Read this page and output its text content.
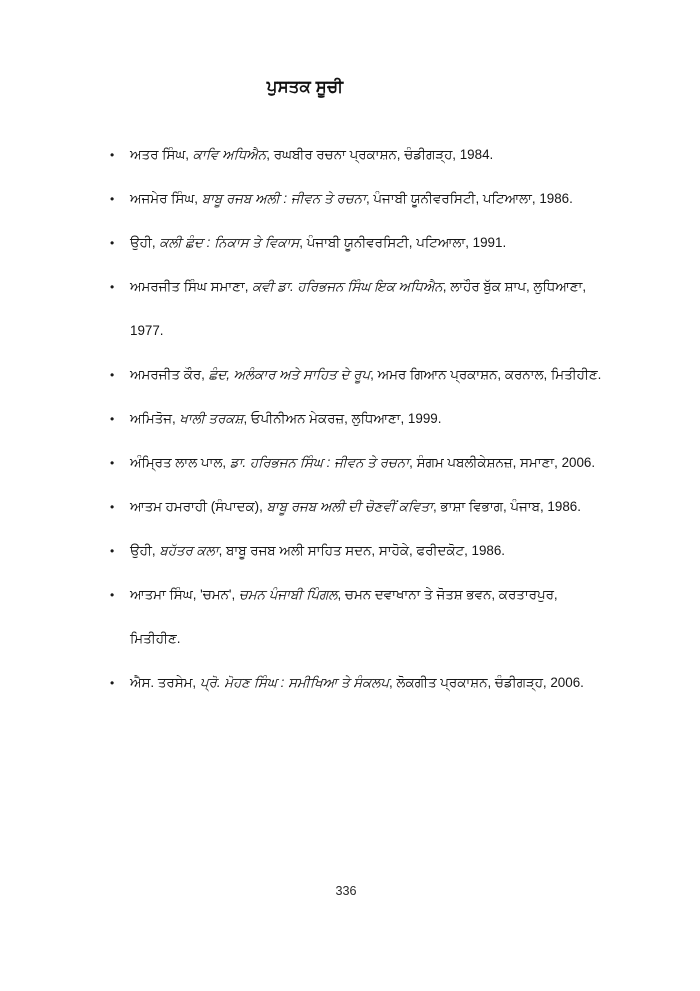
ਪੁਸਤਕ ਸੂਚੀ
•	ਅਤਰ ਸਿੰਘ, ਕਾਵਿ ਅਧਿਐਨ, ਰਘਬੀਰ ਰਚਨਾ ਪ੍ਰਕਾਸ਼ਨ, ਚੰਡੀਗੜ੍ਹ, 1984.
•	ਅਜਮੇਰ ਸਿੰਘ, ਬਾਬੂ ਰਜਬ ਅਲੀ : ਜੀਵਨ ਤੇ ਰਚਨਾ, ਪੰਜਾਬੀ ਯੂਨੀਵਰਸਿਟੀ, ਪਟਿਆਲਾ, 1986.
•	ਉਹੀ, ਕਲੀ ਛੰਦ : ਨਿਕਾਸ ਤੇ ਵਿਕਾਸ, ਪੰਜਾਬੀ ਯੂਨੀਵਰਸਿਟੀ, ਪਟਿਆਲਾ, 1991.
•	ਅਮਰਜੀਤ ਸਿੰਘ ਸਮਾਣਾ, ਕਵੀ ਡਾ. ਹਰਿਭਜਨ ਸਿੰਘ ਇਕ ਅਧਿਐਨ, ਲਾਹੌਰ ਬੁੱਕ ਸ਼ਾਪ, ਲੁਧਿਆਣਾ, 1977.
•	ਅਮਰਜੀਤ ਕੌਰ, ਛੰਦ, ਅਲੰਕਾਰ ਅਤੇ ਸਾਹਿਤ ਦੇ ਰੂਪ, ਅਮਰ ਗਿਆਨ ਪ੍ਰਕਾਸ਼ਨ, ਕਰਨਾਲ, ਮਿਤੀਹੀਣ.
•	ਅਮਿਤੋਜ, ਖਾਲੀ ਤਰਕਸ਼, ਓਪੀਨੀਅਨ ਮੇਕਰਜ਼, ਲੁਧਿਆਣਾ, 1999.
•	ਅੰਮ੍ਰਿਤ ਲਾਲ ਪਾਲ, ਡਾ. ਹਰਿਭਜਨ ਸਿੰਘ : ਜੀਵਨ ਤੇ ਰਚਨਾ, ਸੰਗਮ ਪਬਲੀਕੇਸ਼ਨਜ਼, ਸਮਾਣਾ, 2006.
•	ਆਤਮ ਹਮਰਾਹੀ (ਸੰਪਾਦਕ), ਬਾਬੂ ਰਜਬ ਅਲੀ ਦੀ ਚੋਣਵੀਂ ਕਵਿਤਾ, ਭਾਸ਼ਾ ਵਿਭਾਗ, ਪੰਜਾਬ, 1986.
•	ਉਹੀ, ਬਹੱਤਰ ਕਲਾ, ਬਾਬੂ ਰਜਬ ਅਲੀ ਸਾਹਿਤ ਸਦਨ, ਸਾਹੋਕੇ, ਫਰੀਦਕੋਟ, 1986.
•	ਆਤਮਾ ਸਿੰਘ, 'ਚਮਨ', ਚਮਨ ਪੰਜਾਬੀ ਪਿੰਗਲ, ਚਮਨ ਦਵਾਖਾਨਾ ਤੇ ਜੋਤਸ਼ ਭਵਨ, ਕਰਤਾਰਪੁਰ, ਮਿਤੀਹੀਣ.
•	ਐਸ. ਤਰਸੇਮ, ਪ੍ਰੋ. ਮੋਹਣ ਸਿੰਘ : ਸਮੀਖਿਆ ਤੇ ਸੰਕਲਪ, ਲੋਕਗੀਤ ਪ੍ਰਕਾਸ਼ਨ, ਚੰਡੀਗੜ੍ਹ, 2006.
336
